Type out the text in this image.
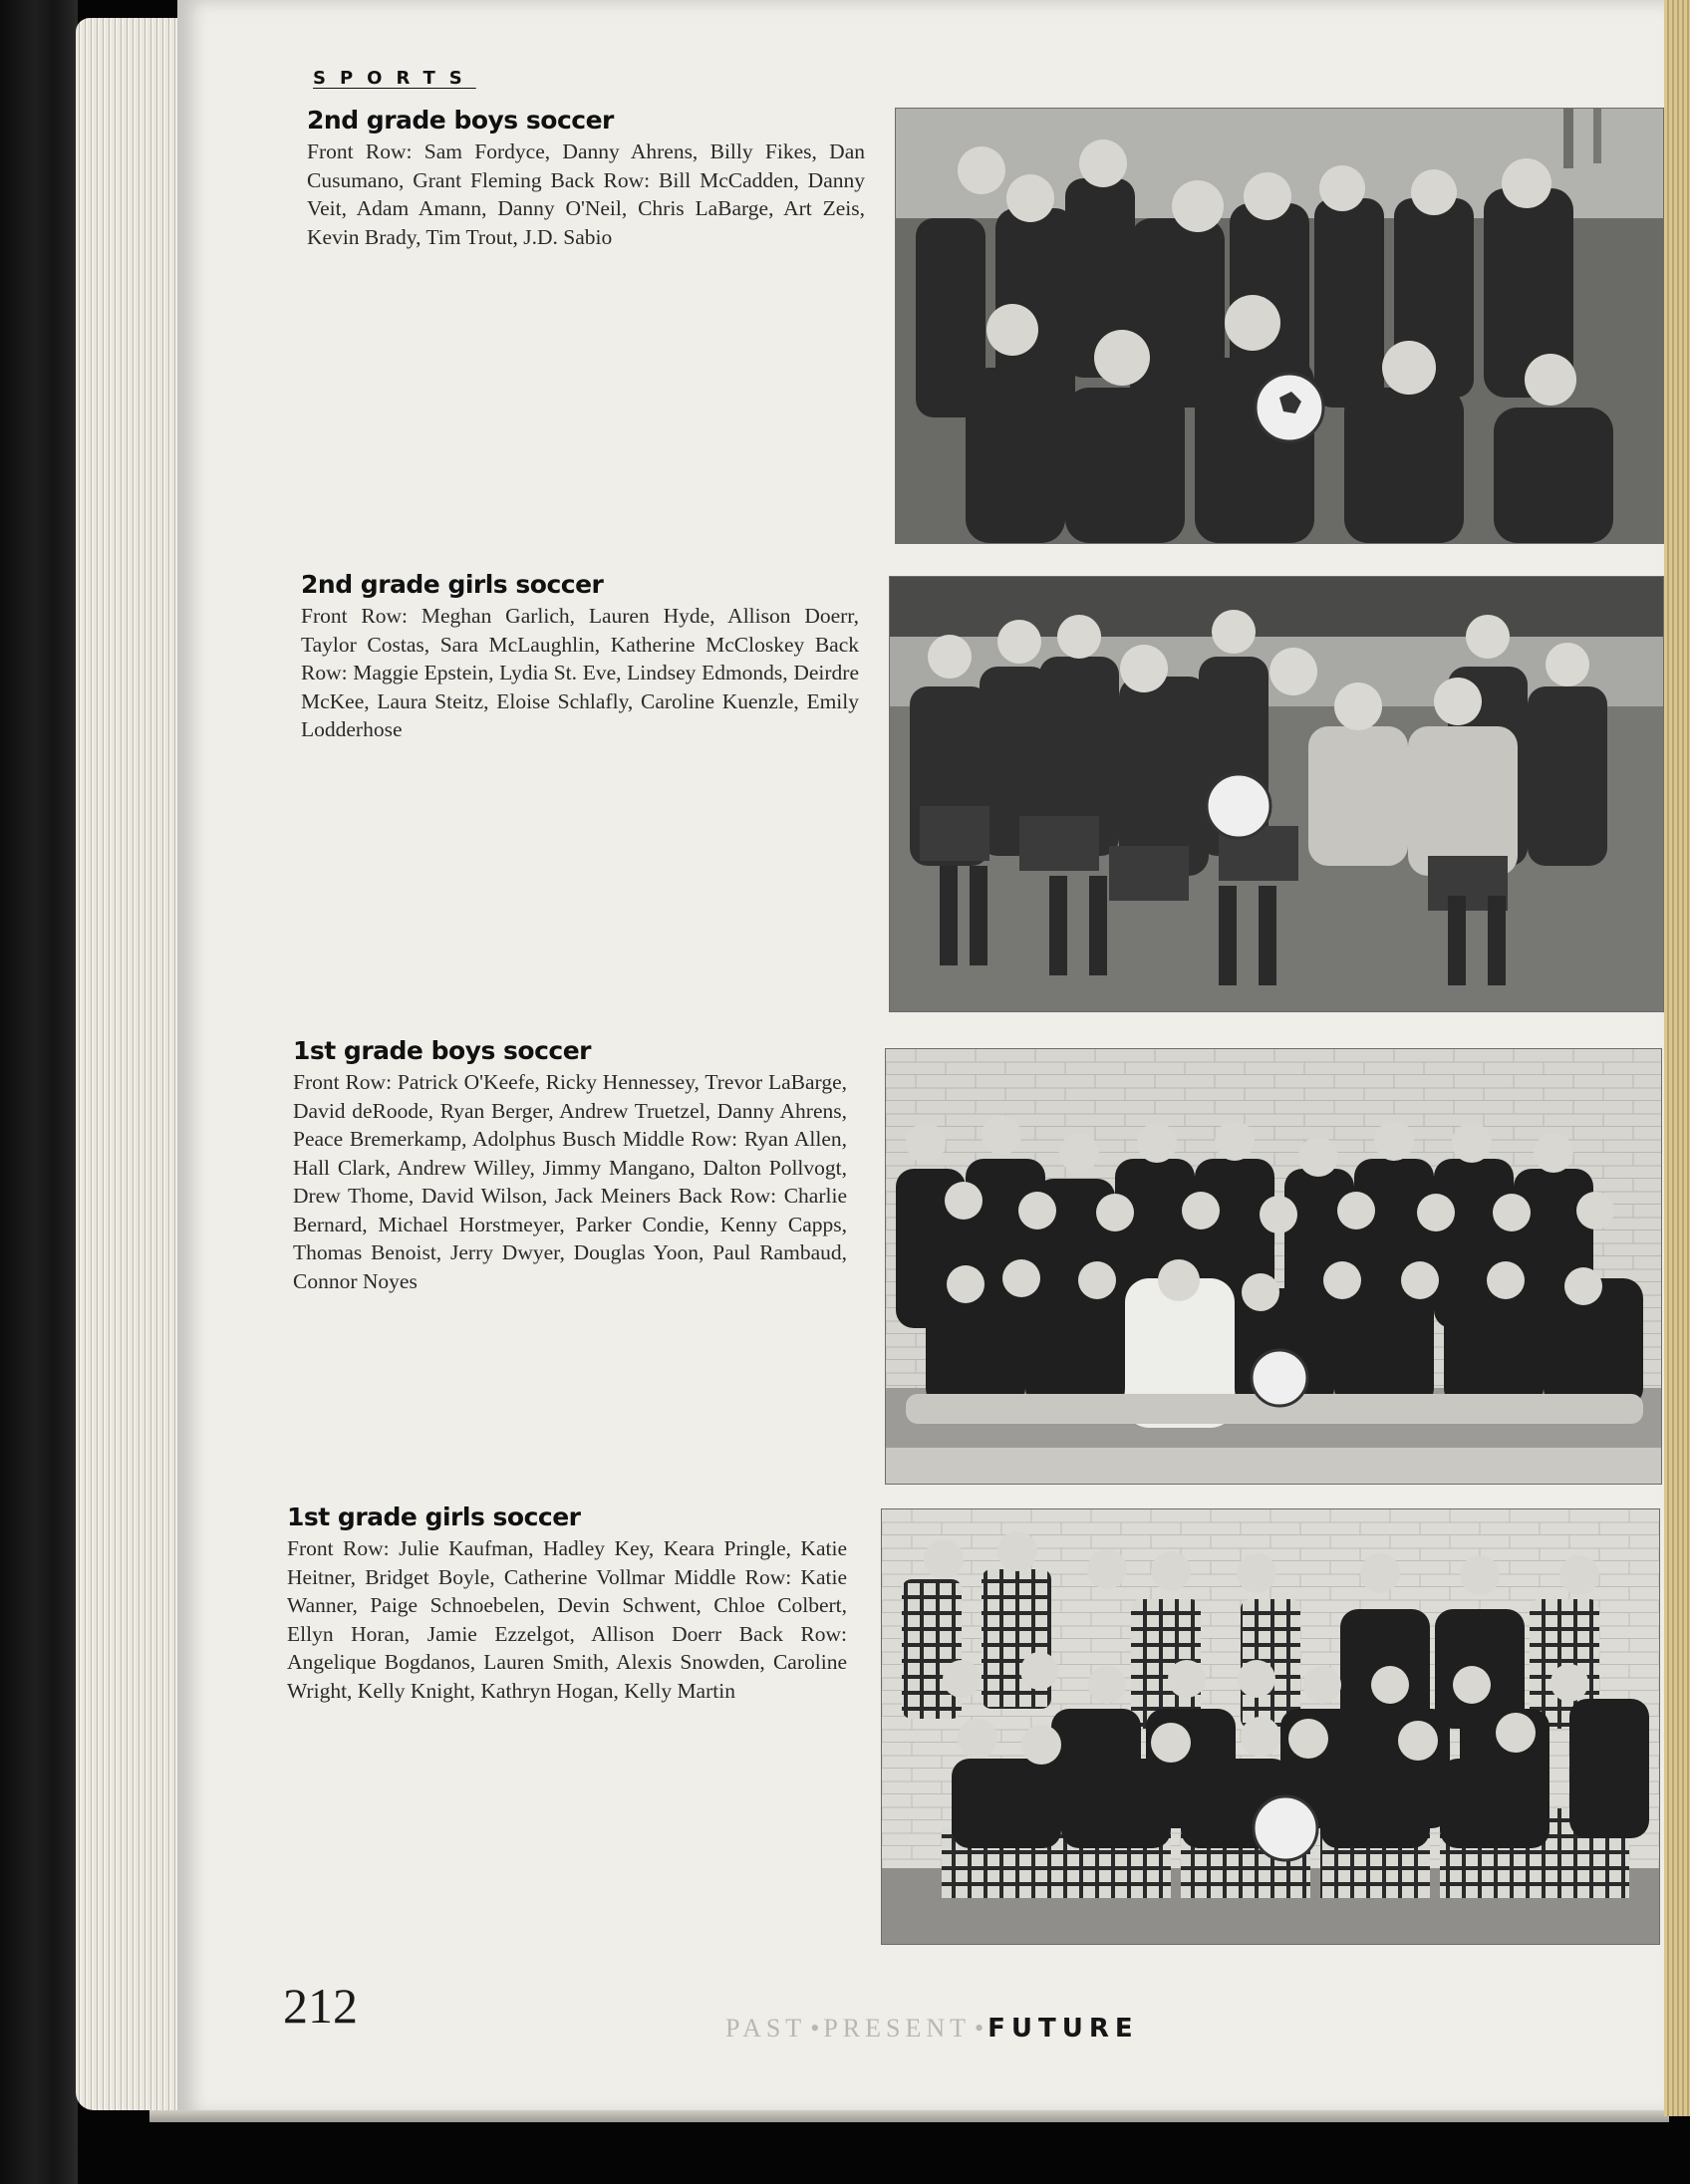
SPORTS
2nd grade boys soccer
Front Row: Sam Fordyce, Danny Ahrens, Billy Fikes, Dan Cusumano, Grant Fleming Back Row: Bill McCadden, Danny Veit, Adam Amann, Danny O'Neil, Chris LaBarge, Art Zeis, Kevin Brady, Tim Trout, J.D. Sabio
2nd grade girls soccer
Front Row: Meghan Garlich, Lauren Hyde, Allison Doerr, Taylor Costas, Sara McLaughlin, Katherine McCloskey Back Row: Maggie Epstein, Lydia St. Eve, Lindsey Edmonds, Deirdre McKee, Laura Steitz, Eloise Schlafly, Caroline Kuenzle, Emily Lodderhose
1st grade boys soccer
Front Row: Patrick O'Keefe, Ricky Hennessey, Trevor LaBarge, David deRoode, Ryan Berger, Andrew Truetzel, Danny Ahrens, Peace Bremerkamp, Adolphus Busch Middle Row: Ryan Allen, Hall Clark, Andrew Willey, Jimmy Mangano, Dalton Pollvogt, Drew Thome, David Wilson, Jack Meiners Back Row: Charlie Bernard, Michael Horstmeyer, Parker Condie, Kenny Capps, Thomas Benoist, Jerry Dwyer, Douglas Yoon, Paul Rambaud, Connor Noyes
1st grade girls soccer
Front Row: Julie Kaufman, Hadley Key, Keara Pringle, Katie Heitner, Bridget Boyle, Catherine Vollmar Middle Row: Katie Wanner, Paige Schnoebelen, Devin Schwent, Chloe Colbert, Ellyn Horan, Jamie Ezzelgot, Allison Doerr Back Row: Angelique Bogdanos, Lauren Smith, Alexis Snowden, Caroline Wright, Kelly Knight, Kathryn Hogan, Kelly Martin
212	PAST • PRESENT • FUTURE
